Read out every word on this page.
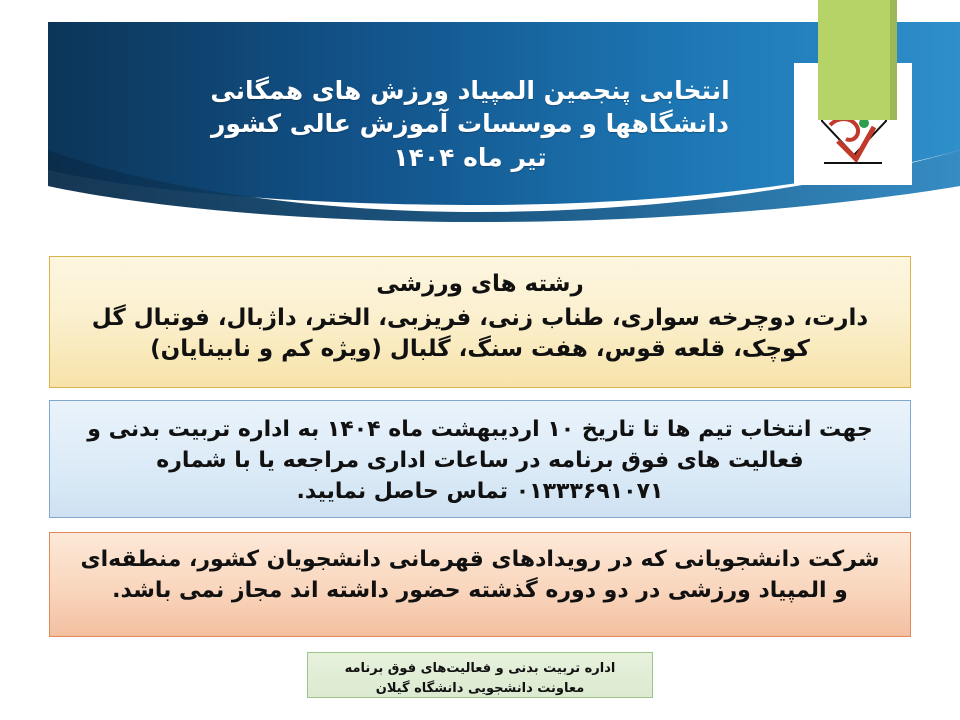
انتخابی پنجمین المپیاد ورزش های همگانی
دانشگاهها و موسسات آموزش عالی کشور
تیر ماه ۱۴۰۴
رشته های ورزشی
دارت، دوچرخه سواری، طناب زنی، فریزبی، الختر، داژبال، فوتبال گل
کوچک، قلعه قوس، هفت سنگ، گلبال (ویژه کم و نابینایان)
جهت انتخاب تیم ها تا تاریخ ۱۰ اردیبهشت ماه ۱۴۰۴ به اداره تربیت بدنی و
فعالیت های فوق برنامه در ساعات اداری مراجعه یا با شماره
۰۱۳۳۳۶۹۱۰۷۱ تماس حاصل نمایید.
شرکت دانشجویانی که در رویدادهای قهرمانی دانشجویان کشور، منطقه‌ای
و المپیاد ورزشی در دو دوره گذشته حضور داشته اند مجاز نمی باشد.
اداره تربیت بدنی و فعالیت‌های فوق برنامه
معاونت دانشجویی دانشگاه گیلان
